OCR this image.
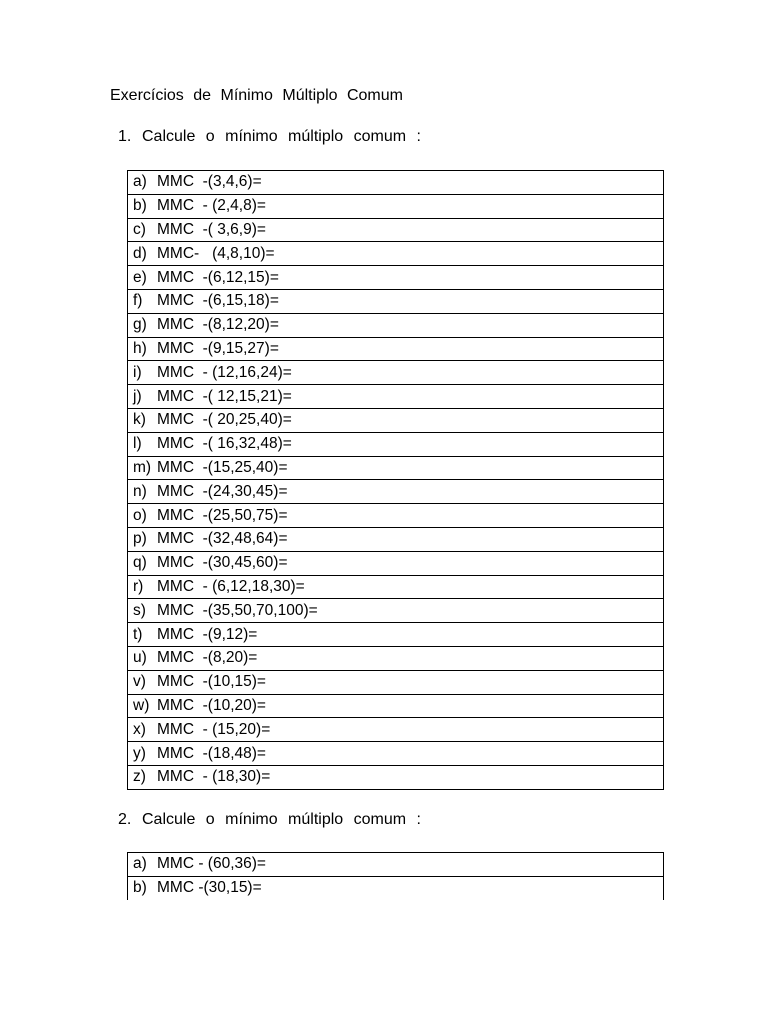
Exercícios de Mínimo Múltiplo Comum
1. Calcule o mínimo múltiplo comum :
a) MMC  -(3,4,6)=
b) MMC  - (2,4,8)=
c) MMC  -( 3,6,9)=
d) MMC-   (4,8,10)=
e) MMC  -(6,12,15)=
f) MMC  -(6,15,18)=
g) MMC  -(8,12,20)=
h) MMC  -(9,15,27)=
i) MMC  - (12,16,24)=
j) MMC  -( 12,15,21)=
k) MMC  -( 20,25,40)=
l) MMC  -( 16,32,48)=
m) MMC  -(15,25,40)=
n) MMC  -(24,30,45)=
o) MMC  -(25,50,75)=
p) MMC  -(32,48,64)=
q) MMC  -(30,45,60)=
r) MMC  - (6,12,18,30)=
s) MMC  -(35,50,70,100)=
t) MMC  -(9,12)=
u) MMC  -(8,20)=
v) MMC  -(10,15)=
w) MMC  -(10,20)=
x) MMC  - (15,20)=
y) MMC  -(18,48)=
z) MMC  - (18,30)=
2. Calcule o mínimo múltiplo comum :
a) MMC - (60,36)=
b) MMC -(30,15)=
